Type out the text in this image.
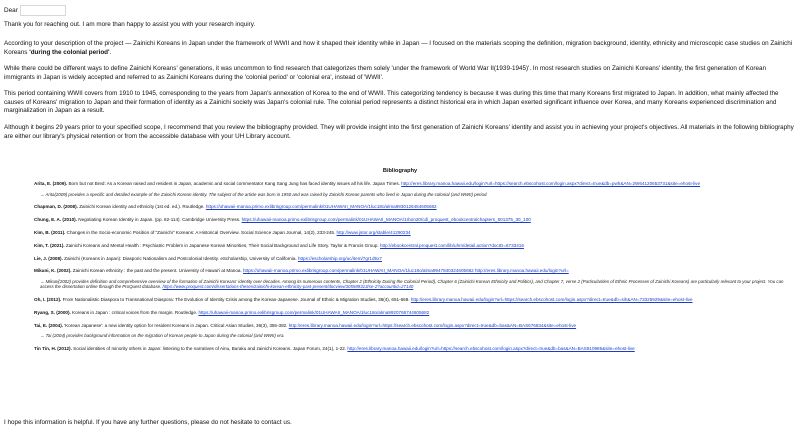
Dear

Thank you for reaching out. I am more than happy to assist you with your research inquiry.

According to your description of the project — Zainichi Koreans in Japan under the framework of WWII and how it shaped their identity while in Japan — I focused on the materials scoping the definition, migration background, identity, ethnicity and microscopic case studies on Zainichi Koreans 'during the colonial period'.

While there could be different ways to define Zainichi Koreans' generations, it was uncommon to find research that categorizes them solely 'under the framework of World War II(1939-1945)'. In most research studies on Zainichi Koreans' identity, the first generation of Korean immigrants in Japan is widely accepted and referred to as Zainichi Koreans during the 'colonial period' or 'colonial era', instead of 'WWII'.

This period containing WWII covers from 1910 to 1945, corresponding to the years from Japan's annexation of Korea to the end of WWII. This categorizing tendency is because it was during this time that many Koreans first migrated to Japan. In addition, what mainly affected the causes of Koreans' migration to Japan and their formation of identity as a Zainichi society was Japan's colonial rule. The colonial period represents a distinct historical era in which Japan exerted significant influence over Korea, and many Koreans experienced discrimination and marginalization in Japan as a result.

Although it begins 29 years prior to your specified scope, I recommend that you review the bibliography provided. They will provide insight into the first generation of Zainichi Koreans' identity and assist you in achieving your project's objectives. All materials in the following bibliography are either our library's physical retention or from the accessible database with your UH Library account.

Bibliography

Arita, E. (2009). Born but not Bred: As a Korean raised and resident in Japan, academic and social commentator Kang Sang Jung has faced identity issues all his life. Japan Times. http://eres.library.manoa.hawaii.edu/login?url=https://search.ebscohost.com/login.aspx?direct=true&db=pwh&AN=2W64120653731&site=ehost-live

→ Arita(2009) provides a specific and detailed example of the Zainichi Korean identity. The subject of the article was born in 1950 and was raised by Zainichi Korean parents who lived in Japan during the colonial (and WWII) period.

Chapman, D. (2008). Zainichi Korean identity and ethnicity (1st ed. ed.). Routledge. https://uhawaii-manoa.primo.exlibrisgroup.com/permalink/01UHAWAII_MANOA/1luc18o/alma9930126454605682

Chung, E. A. (2010). Negotiating Korean Identity in Japan. (pp. 82-114). Cambridge University Press. https://uhawaii-manoa.primo.exlibrisgroup.com/permalink/01UHAWAII_MANOA/1rbon20/cdi_proquest_ebookcentralchapters_601375_30_100

Kim, B. (2011). Changes in the Socio-economic Position of "Zainichi" Koreans: A Historical Overview. Social Science Japan Journal, 14(2), 233-245. http://www.jstor.org/stable/41290234

Kim, T. (2021). Zainichi Koreans and Mental Health : Psychiatric Problem in Japanese Korean Minorities, Their Social Background and Life Story. Taylor & Francis Group. http://ebookcentral.proquest.com/lib/uhm/detail.action?docID=6733416

Lie, J. (2008). Zainichi (Koreans in Japan): Diasporic Nationalism and Postcolonial Identity. eScholarship, University of California. https://escholarship.org/uc/item/7gr1d5x7

Mikuni, K. (2002). Zainichi Korean ethnicity : the past and the present. University of Hawai'i at Manoa. https://uhawaii-manoa.primo.exlibrisgroup.com/permalink/01UHAWAII_MANOA/1luc18o/alma9947840324605682 http://eres.library.manoa.hawaii.edu/login?url=

→ Mikuni(2002) provides definition and comprehensive overview of the formation of Zainichi Koreans' identity over decades. Among its numerous contents, Chapter 2 (Ethnicity During the Colonial Period), Chapter 6 (Zainichi Korean Ethnicity and Politics), and Chapter 7, verse 2 (Particularities of Ethnic Processes of Zainichi Koreans) are particularly relevant to your project. You can access the dissertation online through the ProQuest database. https://www.proquest.com/dissertations-theses/zainichi-korean-ethnicity-past-present/docview/305589313/se-2?accountid=27140

Oh, I. (2012). From Nationalistic Diaspora to Transnational Diaspora: The Evolution of Identity Crisis among the Korean-Japanese. Journal of Ethnic & Migration Studies, 38(4), 651-669. http://eres.library.manoa.hawaii.edu/login?url=https://search.ebscohost.com/login.aspx?direct=true&db=sih&AN=73325929&site=ehost-live

Ryang, S. (2000). Koreans in Japan : critical voices from the margin. Routledge. https://uhawaii-manoa.primo.exlibrisgroup.com/permalink/01UHAWAII_MANOA/1luc18o/alma9920766744605682

Tai, E. (2004). 'Korean Japanese': a new identity option for resident Koreans in Japan. Critical Asian Studies, 36(3), 355-382. http://eres.library.manoa.hawaii.edu/login?url=https://search.ebscohost.com/login.aspx?direct=true&db=bas&AN=BAS676834&site=ehost-live

→ Tai (2004) provides background information on the migration of Korean people to Japan during the colonial (and WWII) era.

Tin Tin, H. (2012). Social identities of minority others in Japan: listening to the narratives of Ainu, Buraku and zainichi Koreans. Japan Forum, 24(1), 1-22. http://eres.library.manoa.hawaii.edu/login?url=https://search.ebscohost.com/login.aspx?direct=true&db=bas&AN=BAS810985&site=ehost-live

I hope this information is helpful. If you have any further questions, please do not hesitate to contact us.
